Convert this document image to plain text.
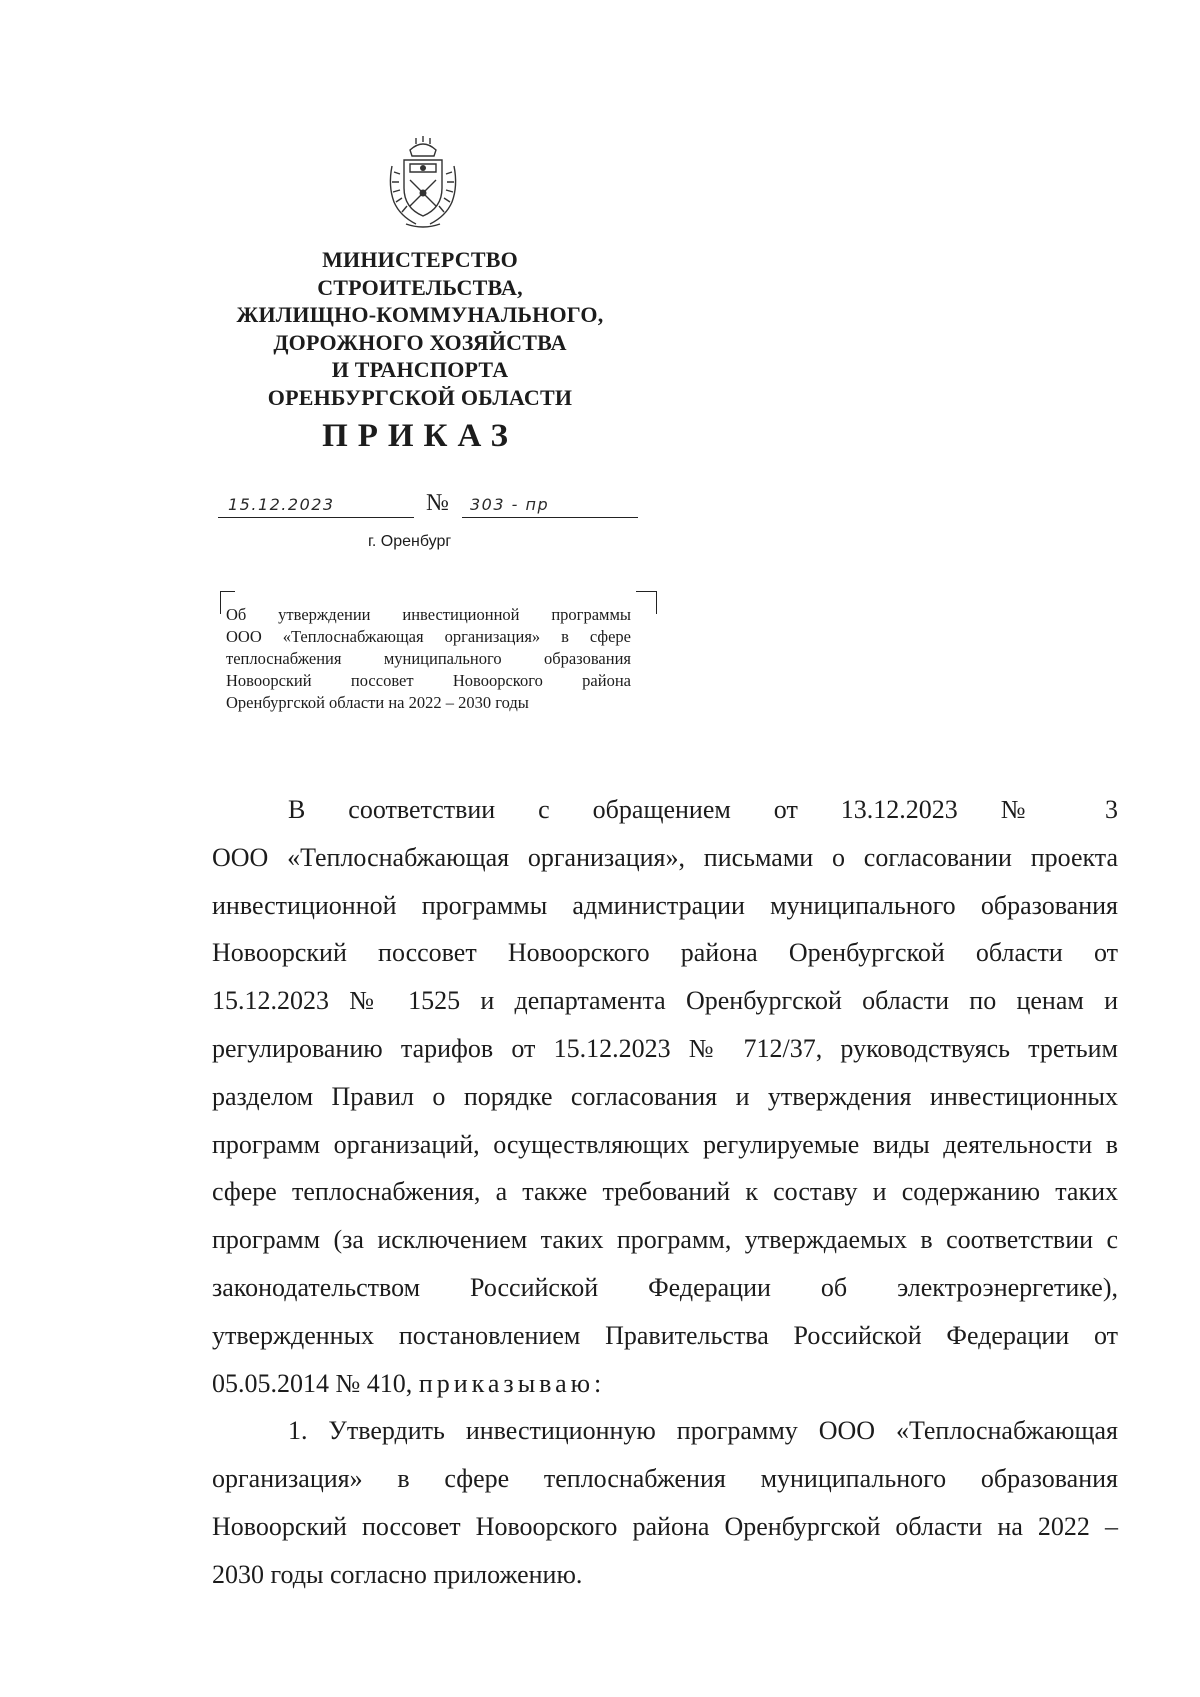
МИНИСТЕРСТВО
СТРОИТЕЛЬСТВА,
ЖИЛИЩНО-КОММУНАЛЬНОГО,
ДОРОЖНОГО ХОЗЯЙСТВА
И ТРАНСПОРТА
ОРЕНБУРГСКОЙ ОБЛАСТИ
ПРИКАЗ
15.12.2023	№	303 - пр
г. Оренбург
Об утверждении инвестиционной программы
ООО «Теплоснабжающая организация» в сфере
теплоснабжения муниципального образования
Новоорский поссовет Новоорского района
Оренбургской области на 2022 – 2030 годы
В соответствии с обращением от 13.12.2023 № 3
ООО «Теплоснабжающая организация», письмами о согласовании проекта
инвестиционной программы администрации муниципального образования
Новоорский поссовет Новоорского района Оренбургской области от
15.12.2023 № 1525 и департамента Оренбургской области по ценам и
регулированию тарифов от 15.12.2023 № 712/37, руководствуясь третьим
разделом Правил о порядке согласования и утверждения инвестиционных
программ организаций, осуществляющих регулируемые виды деятельности в
сфере теплоснабжения, а также требований к составу и содержанию таких
программ (за исключением таких программ, утверждаемых в соответствии с
законодательством Российской Федерации об электроэнергетике),
утвержденных постановлением Правительства Российской Федерации от
05.05.2014 № 410, приказываю:
1. Утвердить инвестиционную программу ООО «Теплоснабжающая
организация» в сфере теплоснабжения муниципального образования
Новоорский поссовет Новоорского района Оренбургской области на 2022 –
2030 годы согласно приложению.
